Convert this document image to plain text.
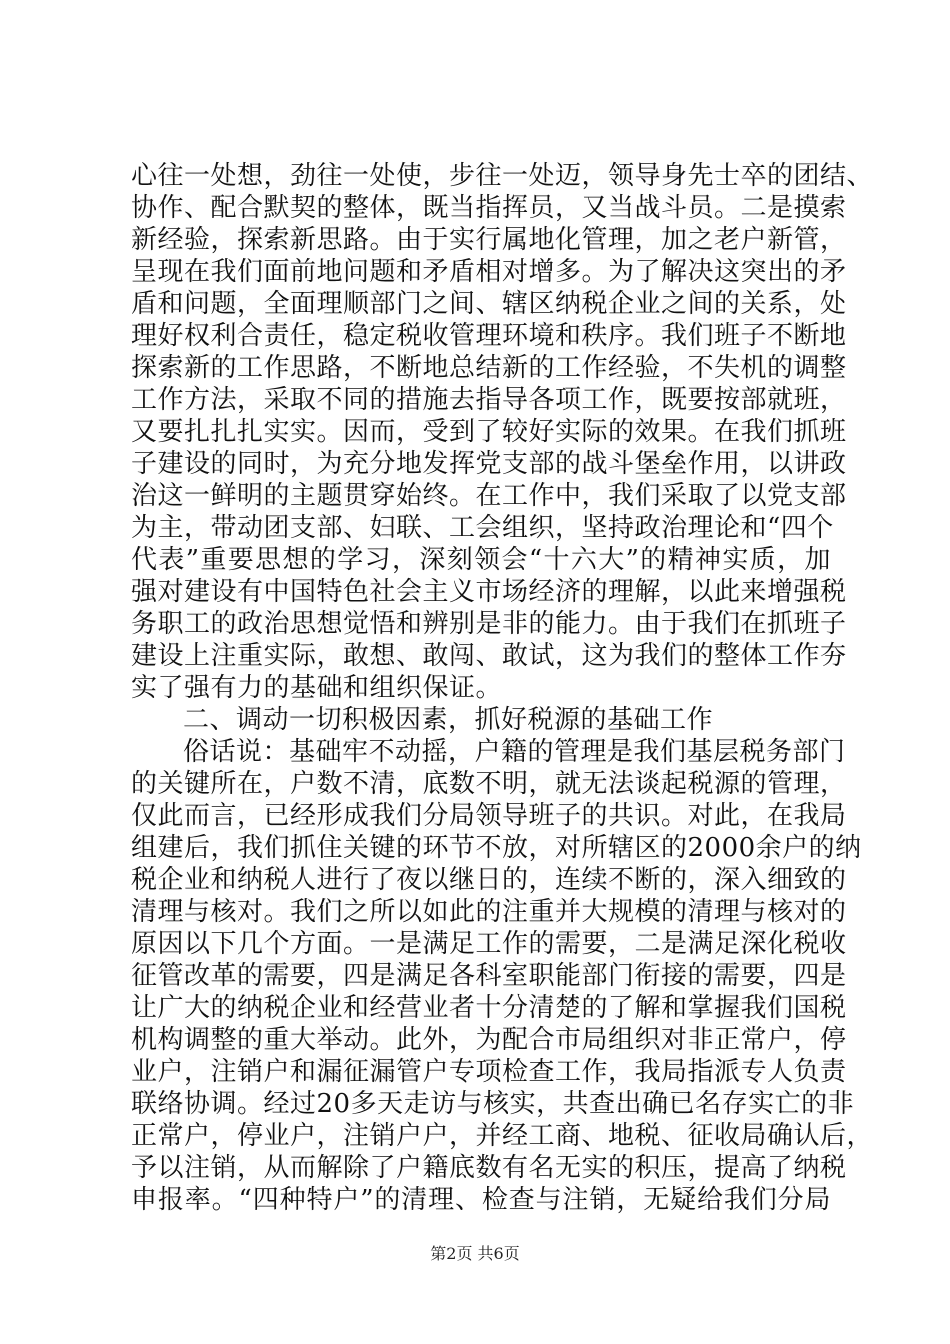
心往一处想，劲往一处使，步往一处迈，领导身先士卒的团结、
协作、配合默契的整体，既当指挥员，又当战斗员。二是摸索
新经验，探索新思路。由于实行属地化管理，加之老户新管，
呈现在我们面前地问题和矛盾相对增多。为了解决这突出的矛
盾和问题，全面理顺部门之间、辖区纳税企业之间的关系，处
理好权利合责任，稳定税收管理环境和秩序。我们班子不断地
探索新的工作思路，不断地总结新的工作经验，不失机的调整
工作方法，采取不同的措施去指导各项工作，既要按部就班，
又要扎扎扎实实。因而，受到了较好实际的效果。在我们抓班
子建设的同时，为充分地发挥党支部的战斗堡垒作用，以讲政
治这一鲜明的主题贯穿始终。在工作中，我们采取了以党支部
为主，带动团支部、妇联、工会组织，坚持政治理论和“四个
代表”重要思想的学习，深刻领会“十六大”的精神实质，加
强对建设有中国特色社会主义市场经济的理解，以此来增强税
务职工的政治思想觉悟和辨别是非的能力。由于我们在抓班子
建设上注重实际，敢想、敢闯、敢试，这为我们的整体工作夯
实了强有力的基础和组织保证。
二、调动一切积极因素，抓好税源的基础工作
俗话说：基础牢不动摇，户籍的管理是我们基层税务部门
的关键所在，户数不清，底数不明，就无法谈起税源的管理，
仅此而言，已经形成我们分局领导班子的共识。对此，在我局
组建后，我们抓住关键的环节不放，对所辖区的2000余户的纳
税企业和纳税人进行了夜以继日的，连续不断的，深入细致的
清理与核对。我们之所以如此的注重并大规模的清理与核对的
原因以下几个方面。一是满足工作的需要，二是满足深化税收
征管改革的需要，四是满足各科室职能部门衔接的需要，四是
让广大的纳税企业和经营业者十分清楚的了解和掌握我们国税
机构调整的重大举动。此外，为配合市局组织对非正常户，停
业户，注销户和漏征漏管户专项检查工作，我局指派专人负责
联络协调。经过20多天走访与核实，共查出确已名存实亡的非
正常户，停业户，注销户户，并经工商、地税、征收局确认后，
予以注销，从而解除了户籍底数有名无实的积压，提高了纳税
申报率。“四种特户”的清理、检查与注销，无疑给我们分局
第2页 共6页
